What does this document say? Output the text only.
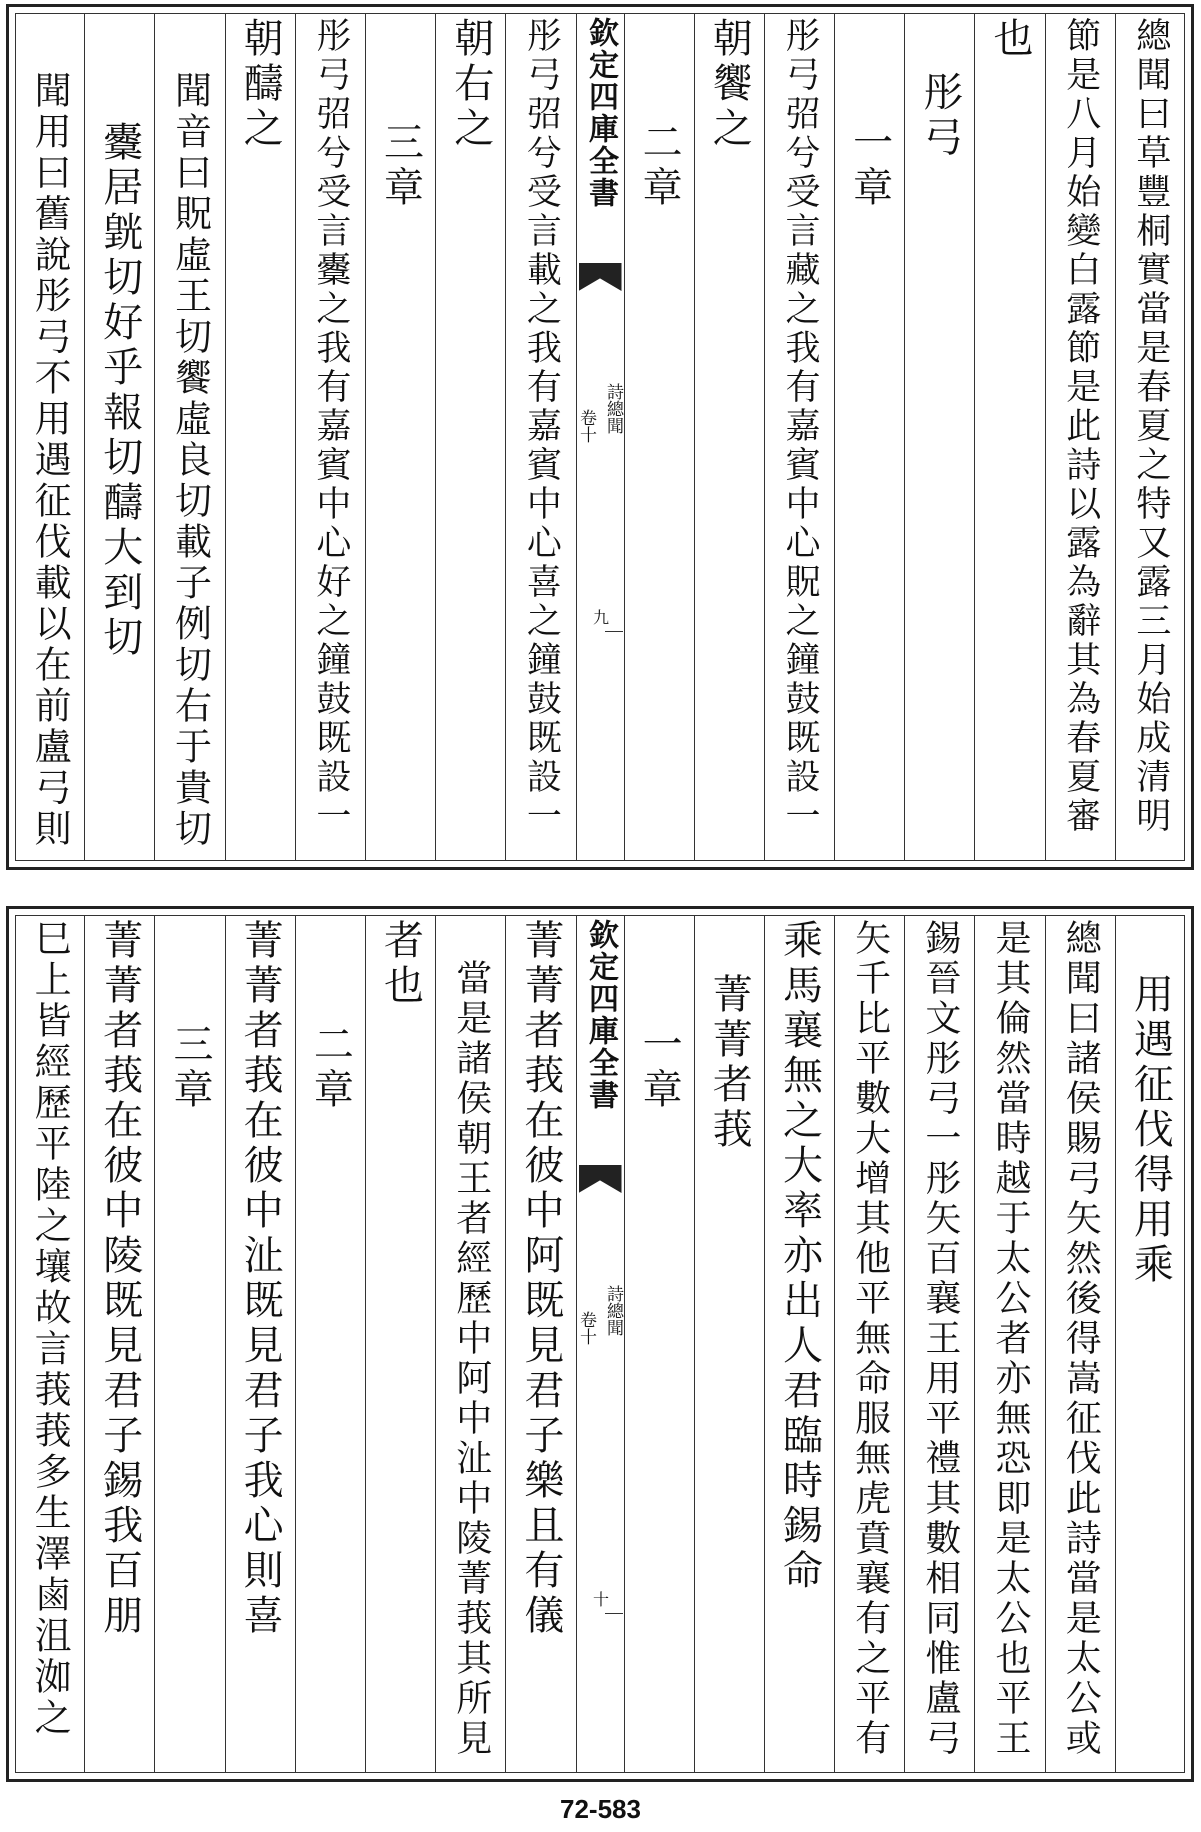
總聞曰草豐桐實當是春夏之特又露三月始成清明
節是八月始變白露節是此詩以露為辭其為春夏審
也
彤弓
一章
彤弓弨兮受言藏之我有嘉賓中心貺之鐘鼓既設一
朝饗之
二章
欽定四庫全書
詩總聞
卷十
九
彤弓弨兮受言載之我有嘉賓中心喜之鐘鼓既設一
朝右之
三章
彤弓弨兮受言櫜之我有嘉賓中心好之鐘鼓既設一
朝醻之
聞音曰貺虛王切饗虛良切載子例切右于貴切
櫜居皝切好乎報切醻大到切
聞用曰舊說彤弓不用遇征伐載以在前盧弓則
用遇征伐得用乘
總聞曰諸侯賜弓矢然後得嵩征伐此詩當是太公或
是其倫然當時越于太公者亦無恐即是太公也平王
錫晉文彤弓一彤矢百襄王用平禮其數相同惟盧弓
矢千比平數大增其他平無命服無虎賁襄有之平有
乘馬襄無之大率亦出人君臨時錫命
菁菁者莪
一章
欽定四庫全書
詩總聞
卷十
十
菁菁者莪在彼中阿既見君子樂且有儀
當是諸侯朝王者經歷中阿中沚中陵菁莪其所見
者也
二章
菁菁者莪在彼中沚既見君子我心則喜
三章
菁菁者莪在彼中陵既見君子錫我百朋
巳上皆經歷平陸之壤故言莪莪多生澤鹵沮洳之
72-583
